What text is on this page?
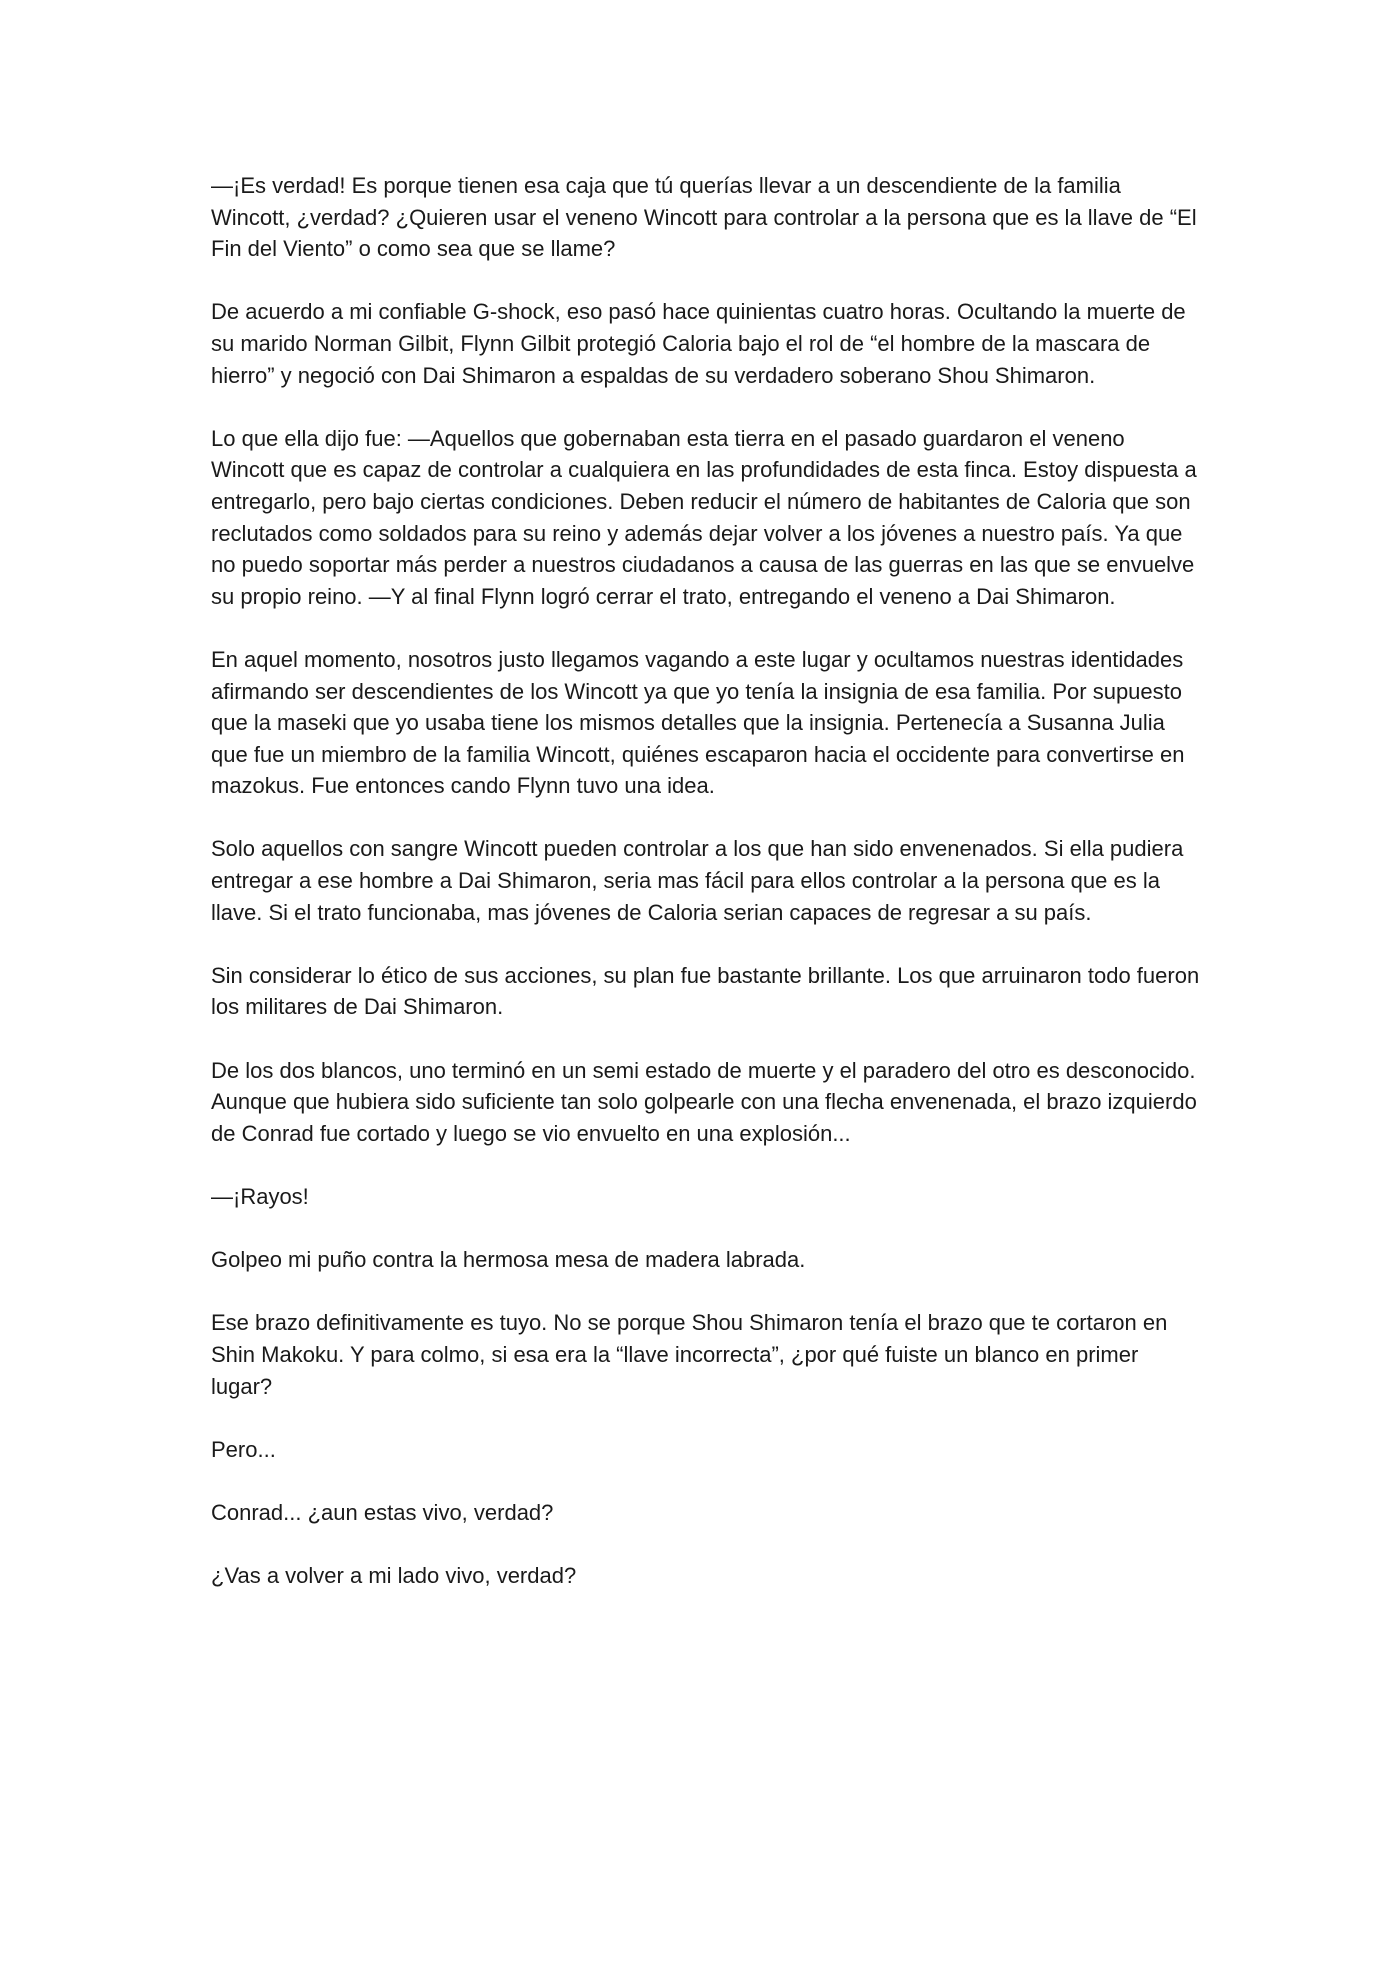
—¡Es verdad! Es porque tienen esa caja que tú querías llevar a un descendiente de la familia Wincott, ¿verdad? ¿Quieren usar el veneno Wincott para controlar a la persona que es la llave de “El Fin del Viento” o como sea que se llame?

De acuerdo a mi confiable G-shock, eso pasó hace quinientas cuatro horas. Ocultando la muerte de su marido Norman Gilbit, Flynn Gilbit protegió Caloria bajo el rol de “el hombre de la mascara de hierro” y negoció con Dai Shimaron a espaldas de su verdadero soberano Shou Shimaron.

Lo que ella dijo fue: —Aquellos que gobernaban esta tierra en el pasado guardaron el veneno Wincott que es capaz de controlar a cualquiera en las profundidades de esta finca. Estoy dispuesta a entregarlo, pero bajo ciertas condiciones. Deben reducir el número de habitantes de Caloria que son reclutados como soldados para su reino y además dejar volver a los jóvenes a nuestro país. Ya que no puedo soportar más perder a nuestros ciudadanos a causa de las guerras en las que se envuelve su propio reino. —Y al final Flynn logró cerrar el trato, entregando el veneno a Dai Shimaron.

En aquel momento, nosotros justo llegamos vagando a este lugar y ocultamos nuestras identidades afirmando ser descendientes de los Wincott ya que yo tenía la insignia de esa familia. Por supuesto que la maseki que yo usaba tiene los mismos detalles que la insignia. Pertenecía a Susanna Julia que fue un miembro de la familia Wincott, quiénes escaparon hacia el occidente para convertirse en mazokus. Fue entonces cando Flynn tuvo una idea.

Solo aquellos con sangre Wincott pueden controlar a los que han sido envenenados. Si ella pudiera entregar a ese hombre a Dai Shimaron, seria mas fácil para ellos controlar a la persona que es la llave. Si el trato funcionaba, mas jóvenes de Caloria serian capaces de regresar a su país.

Sin considerar lo ético de sus acciones, su plan fue bastante brillante. Los que arruinaron todo fueron los militares de Dai Shimaron.

De los dos blancos, uno terminó en un semi estado de muerte y el paradero del otro es desconocido. Aunque que hubiera sido suficiente tan solo golpearle con una flecha envenenada, el brazo izquierdo de Conrad fue cortado y luego se vio envuelto en una explosión...

—¡Rayos!

Golpeo mi puño contra la hermosa mesa de madera labrada.

Ese brazo definitivamente es tuyo. No se porque Shou Shimaron tenía el brazo que te cortaron en Shin Makoku. Y para colmo, si esa era la “llave incorrecta”, ¿por qué fuiste un blanco en primer lugar?

Pero...

Conrad... ¿aun estas vivo, verdad?

¿Vas a volver a mi lado vivo, verdad?
